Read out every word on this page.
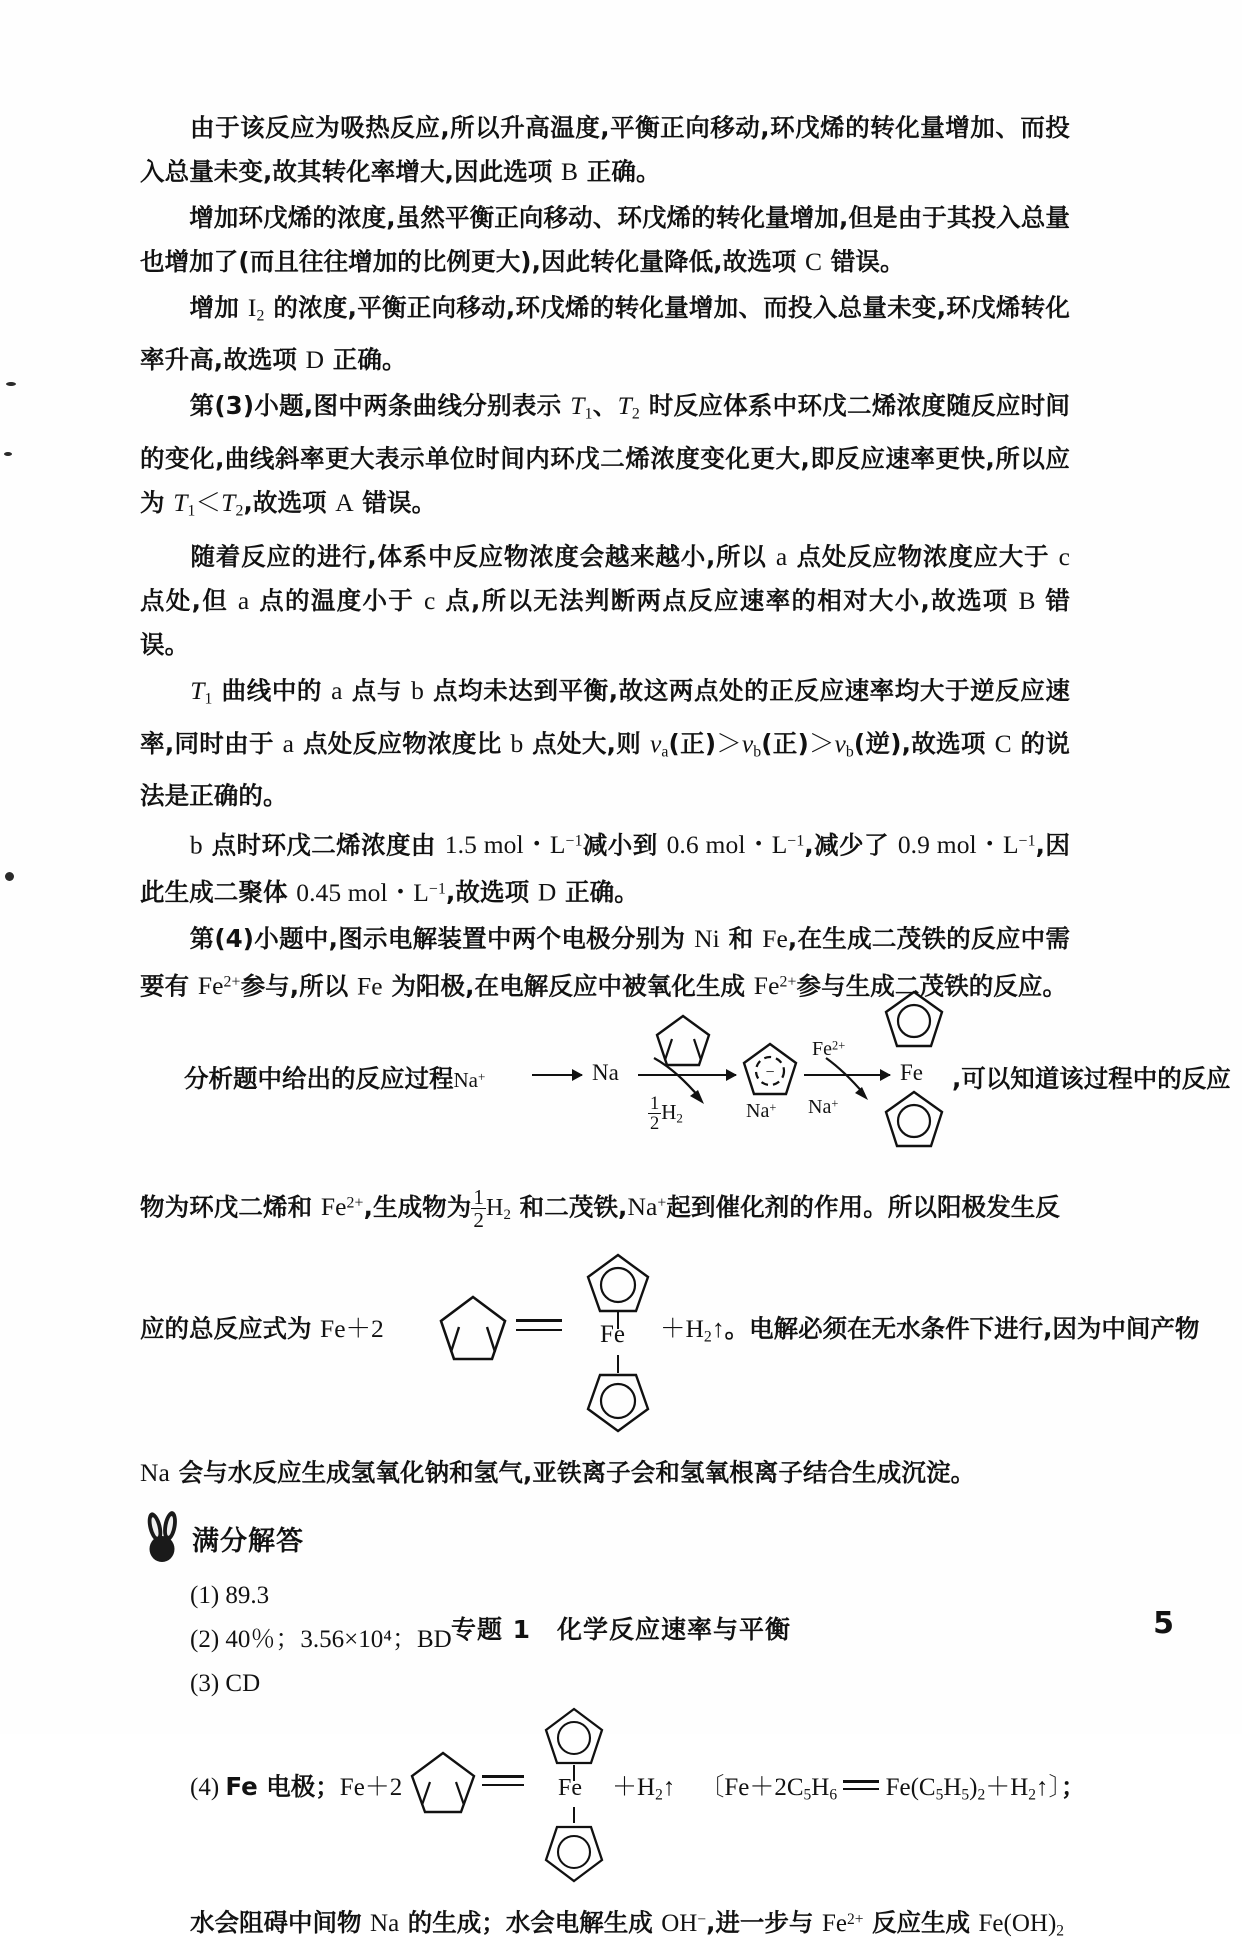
　　由于该反应为吸热反应,所以升高温度,平衡正向移动,环戊烯的转化量增加、而投入总量未变,故其转化率增大,因此选项 B 正确。

　　增加环戊烯的浓度,虽然平衡正向移动、环戊烯的转化量增加,但是由于其投入总量也增加了(而且往往增加的比例更大),因此转化量降低,故选项 C 错误。

　　增加 $I_2$ 的浓度,平衡正向移动,环戊烯的转化量增加、而投入总量未变,环戊烯转化率升高,故选项 D 正确。

　　第(3)小题,图中两条曲线分别表示 $T_1$、$T_2$ 时反应体系中环戊二烯浓度随反应时间的变化,曲线斜率更大表示单位时间内环戊二烯浓度变化更大,即反应速率更快,所以应为 $T_1<T_2$,故选项 A 错误。

　　随着反应的进行,体系中反应物浓度会越来越小,所以 a 点处反应物浓度应大于 c 点处,但 a 点的温度小于 c 点,所以无法判断两点反应速率的相对大小,故选项 B 错误。

　　$T_1$ 曲线中的 a 点与 b 点均未达到平衡,故这两点处的正反应速率均大于逆反应速率,同时由于 a 点处反应物浓度比 b 点处大,则 $v_a$(正)$>v_b$(正)$>v_b$(逆),故选项 C 的说法是正确的。

　　b 点时环戊二烯浓度由 1.5 mol・$L^{-1}$减小到 0.6 mol・$L^{-1}$,减少了 0.9 mol・$L^{-1}$,因此生成二聚体 0.45 mol・$L^{-1}$,故选项 D 正确。

　　第(4)小题中,图示电解装置中两个电极分别为 Ni 和 Fe,在生成二茂铁的反应中需要有 $Fe^{2+}$参与,所以 Fe 为阳极,在电解反应中被氧化生成 $Fe^{2+}$参与生成二茂铁的反应。

分析题中给出的反应过程Na+	Na
$\frac{1}{2} H_2$
−
Na+
$Fe^{2+}$
Na+
Fe ,可以知道该过程中的反应

物为环戊二烯和 $Fe^{2+}$,生成物为 $\frac{1}{2} H_2$ 和二茂铁,Na+起到催化剂的作用。所以阳极发生反

应的总反应式为 Fe＋2	$Fe +H_2↑$。电解必须在无水条件下进行,因为中间产物

Na 会与水反应生成氢氧化钠和氢气,亚铁离子会和氢氧根离子结合生成沉淀。

满分解答
(1) 89.3
(2) 40％；3.56×10⁴；BD
(3) CD
(4) Fe 电极；Fe＋2	$Fe +H_2↑$ 〔$Fe+2C_5H_6$
$Fe(C_5H_5)_2+H_2↑$〕；
水会阻碍中间物 Na 的生成；水会电解生成 OH−,进一步与 $Fe^{2+}$ 反应生成 $Fe(OH)_2$
专题 1　化学反应速率与平衡	5
